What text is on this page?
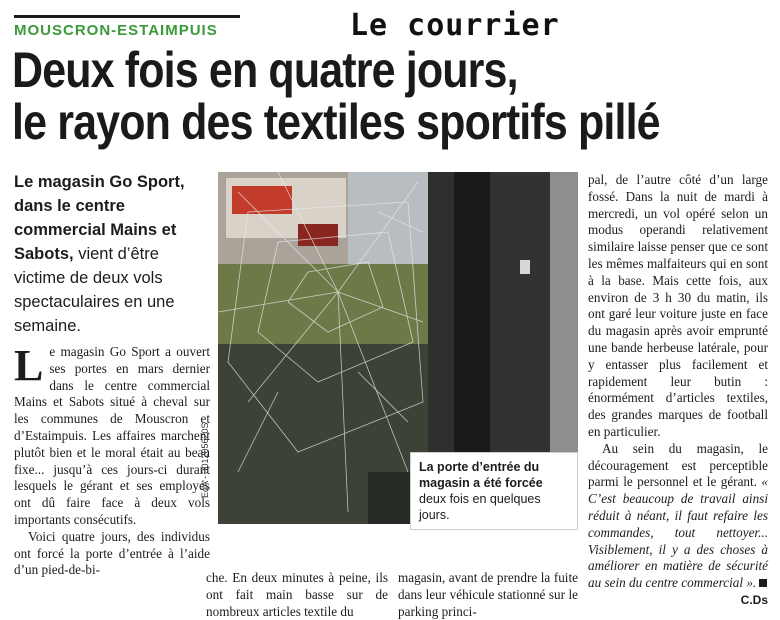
MOUSCRON-ESTAIMPUIS	Le courrier
Deux fois en quatre jours,
le rayon des textiles sportifs pillé

Le magasin Go Sport, dans le centre commercial Mains et Sabots, vient d’être victime de deux vols spectaculaires en une semaine.

Le magasin Go Sport a ouvert ses portes en mars dernier dans le centre commercial Mains et Sabots situé à cheval sur les communes de Mouscron et d’Estaimpuis. Les affaires marchent plutôt bien et le moral était au beau fixe... jusqu’à ces jours-ci durant lesquels le gérant et ses employés ont dû faire face à deux vols importants consécutifs.

Voici quatre jours, des individus ont forcé la porte d’entrée à l’aide d’un pied-de-bi-

che. En deux minutes à peine, ils ont fait main basse sur de nombreux articles textile du

magasin, avant de prendre la fuite dans leur véhicule stationné sur le parking princi-

pal, de l’autre côté d’un large fossé. Dans la nuit de mardi à mercredi, un vol opéré selon un modus operandi relativement similaire laisse penser que ce sont les mêmes malfaiteurs qui en sont à la base. Mais cette fois, aux environ de 3 h 30 du matin, ils ont garé leur voiture juste en face du magasin après avoir emprunté une bande herbeuse latérale, pour y entasser plus facilement et rapidement leur butin : énormément d’articles textiles, des grandes marques de football en particulier.

Au sein du magasin, le découragement est perceptible parmi le personnel et le gérant. « C’est beaucoup de travail ainsi réduit à néant, il faut refaire les commandes, tout nettoyer... Visiblement, il y a des choses à améliorer en matière de sécurité au sein du centre commercial ».
C.Ds

EdA - 301205620S	La porte d’entrée du magasin a été forcée deux fois en quelques jours.
